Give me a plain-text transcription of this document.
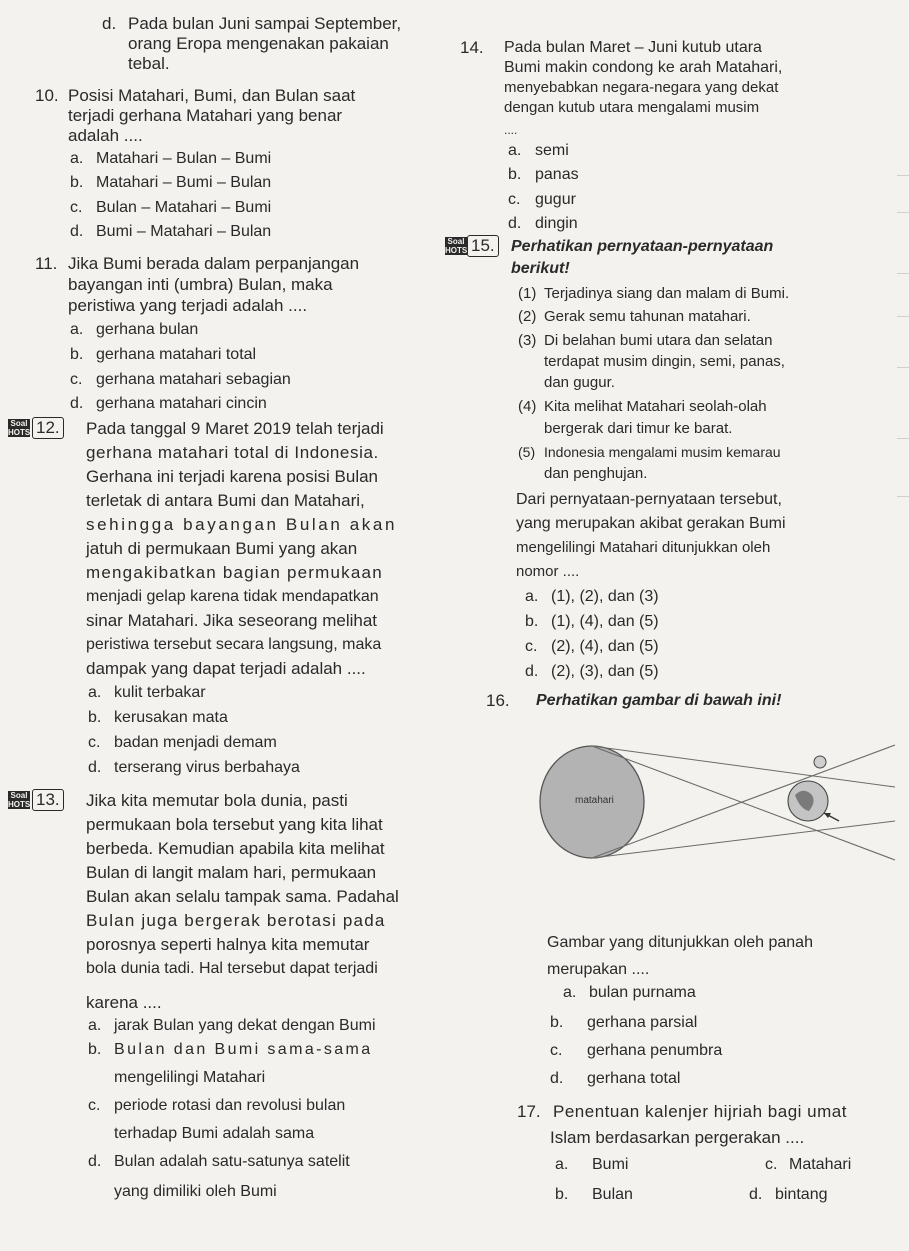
d. Pada bulan Juni sampai September,
orang Eropa mengenakan pakaian
tebal.
10. Posisi Matahari, Bumi, dan Bulan saat
terjadi gerhana Matahari yang benar
adalah ....
a. Matahari – Bulan – Bumi
b. Matahari – Bumi – Bulan
c. Bulan – Matahari – Bumi
d. Bumi – Matahari – Bulan
11. Jika Bumi berada dalam perpanjangan
bayangan inti (umbra) Bulan, maka
peristiwa yang terjadi adalah ....
a. gerhana bulan
b. gerhana matahari total
c. gerhana matahari sebagian
d. gerhana matahari cincin
Soal HOTS 12. Pada tanggal 9 Maret 2019 telah terjadi
gerhana matahari total di Indonesia.
Gerhana ini terjadi karena posisi Bulan
terletak di antara Bumi dan Matahari,
sehingga bayangan Bulan akan
jatuh di permukaan Bumi yang akan
mengakibatkan bagian permukaan
menjadi gelap karena tidak mendapatkan
sinar Matahari. Jika seseorang melihat
peristiwa tersebut secara langsung, maka
dampak yang dapat terjadi adalah ....
a. kulit terbakar
b. kerusakan mata
c. badan menjadi demam
d. terserang virus berbahaya
Soal HOTS 13. Jika kita memutar bola dunia, pasti
permukaan bola tersebut yang kita lihat
berbeda. Kemudian apabila kita melihat
Bulan di langit malam hari, permukaan
Bulan akan selalu tampak sama. Padahal
Bulan juga bergerak berotasi pada
porosnya seperti halnya kita memutar
bola dunia tadi. Hal tersebut dapat terjadi
karena ....
a. jarak Bulan yang dekat dengan Bumi
b. Bulan dan Bumi sama-sama
mengelilingi Matahari
c. periode rotasi dan revolusi bulan
terhadap Bumi adalah sama
d. Bulan adalah satu-satunya satelit
yang dimiliki oleh Bumi
14. Pada bulan Maret – Juni kutub utara
Bumi makin condong ke arah Matahari,
menyebabkan negara-negara yang dekat
dengan kutub utara mengalami musim
....
a. semi
b. panas
c. gugur
d. dingin
Soal HOTS 15. Perhatikan pernyataan-pernyataan
berikut!
(1) Terjadinya siang dan malam di Bumi.
(2) Gerak semu tahunan matahari.
(3) Di belahan bumi utara dan selatan
terdapat musim dingin, semi, panas,
dan gugur.
(4) Kita melihat Matahari seolah-olah
bergerak dari timur ke barat.
(5) Indonesia mengalami musim kemarau
dan penghujan.
Dari pernyataan-pernyataan tersebut,
yang merupakan akibat gerakan Bumi
mengelilingi Matahari ditunjukkan oleh
nomor ....
a. (1), (2), dan (3)
b. (1), (4), dan (5)
c. (2), (4), dan (5)
d. (2), (3), dan (5)
16. Perhatikan gambar di bawah ini!
matahari
Gambar yang ditunjukkan oleh panah
merupakan ....
a. bulan purnama
b. gerhana parsial
c. gerhana penumbra
d. gerhana total
17. Penentuan kalenjer hijriah bagi umat
Islam berdasarkan pergerakan ....
a. Bumi
b. Bulan
c. Matahari
d. bintang
